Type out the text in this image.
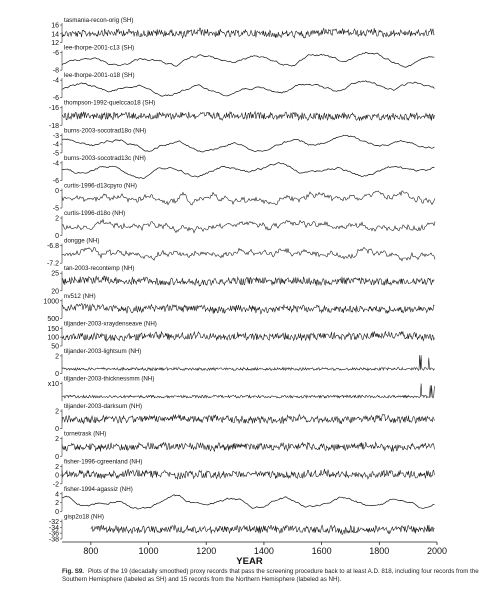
tasmania-recon-orig (SH)
16
14
12
lee-thorpe-2001-c13 (SH)
-6
-8
lee-thorpe-2001-o18 (SH)
-4
-6
thompson-1992-quelccao18 (SH)
-16
-18
burns-2003-socotrad18o (NH)
-3
-4
-5
burns-2003-socotrad13c (NH)
-4
-6
curtis-1996-d13cpyro (NH)
0
-5
curtis-1996-d18o (NH)
2
0
dongge (NH)
-6.8
-7.2
tan-2003-recontemp (NH)
25
20
nv512 (NH)
1000
500
tiljander-2003-xraydenseave (NH)
150
100
50
tiljander-2003-lightsum (NH)
2
0
tiljander-2003-thicknessmm (NH)
x10
tiljander-2003-darksum (NH)
2
0
tornetrask (NH)
2
0
fisher-1996-cgreenland (NH)
2
0
-2
fisher-1994-agassiz (NH)
4
2
0
gisp2o18 (NH)
-32
-34
-36
-38
800	1000	1200	1400	1600	1800	2000
YEAR
Fig. S9. Plots of the 19 (decadally smoothed) proxy records that pass the screening procedure back to at least A.D. 818, including four records from the Southern Hemisphere (labeled as SH) and 15 records from the Northern Hemisphere (labeled as NH).
